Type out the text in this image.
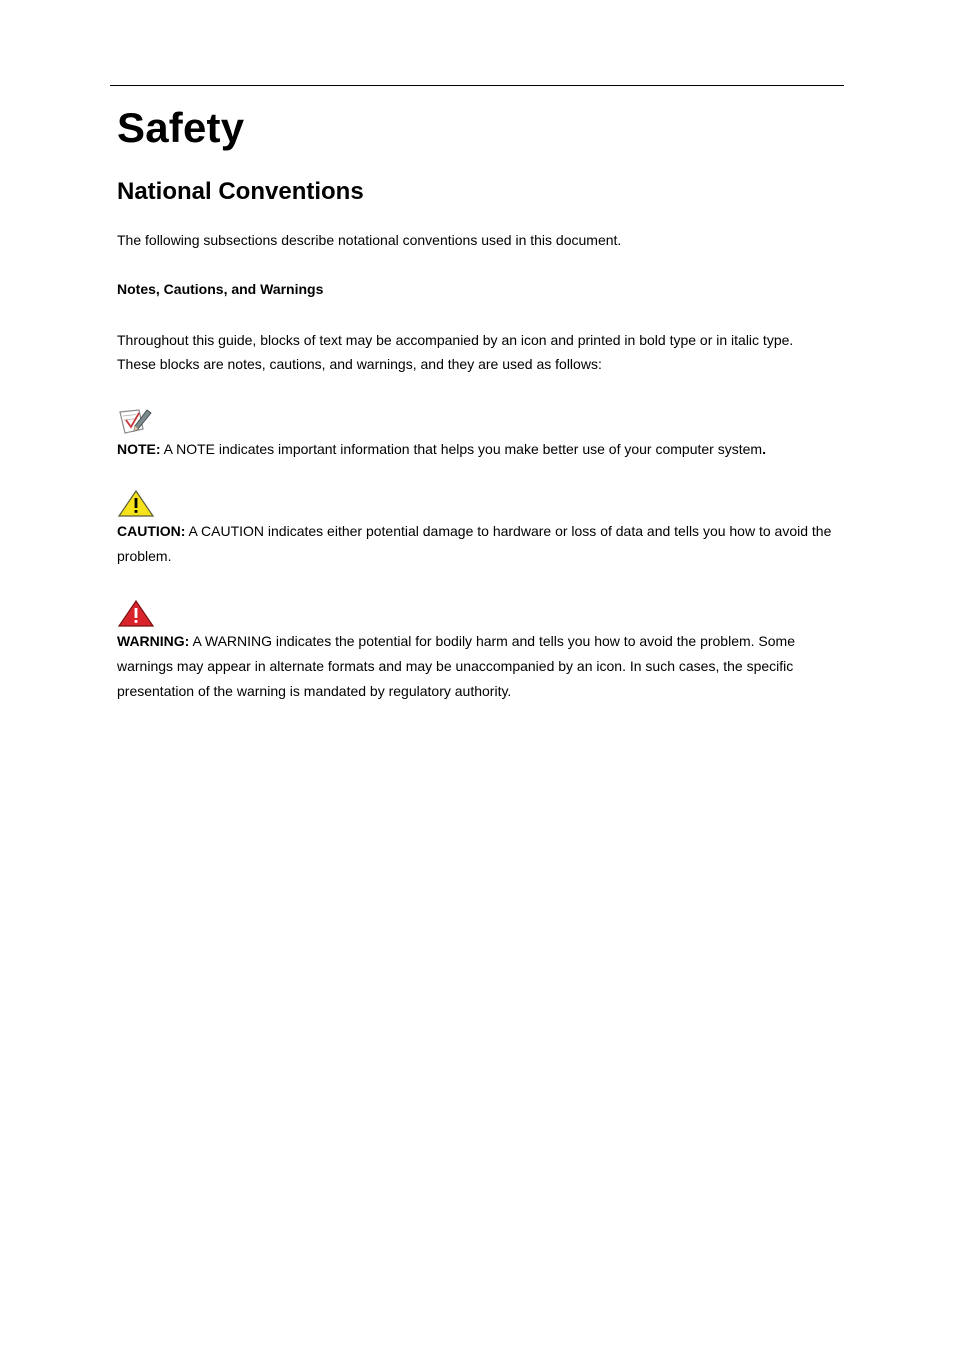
Safety
National Conventions

The following subsections describe notational conventions used in this document.

Notes, Cautions, and Warnings

Throughout this guide, blocks of text may be accompanied by an icon and printed in bold type or in italic type.

These blocks are notes, cautions, and warnings, and they are used as follows:

NOTE: A NOTE indicates important information that helps you make better use of your computer system.

CAUTION: A CAUTION indicates either potential damage to hardware or loss of data and tells you how to avoid the problem.

WARNING: A WARNING indicates the potential for bodily harm and tells you how to avoid the problem. Some warnings may appear in alternate formats and may be unaccompanied by an icon. In such cases, the specific presentation of the warning is mandated by regulatory authority.
